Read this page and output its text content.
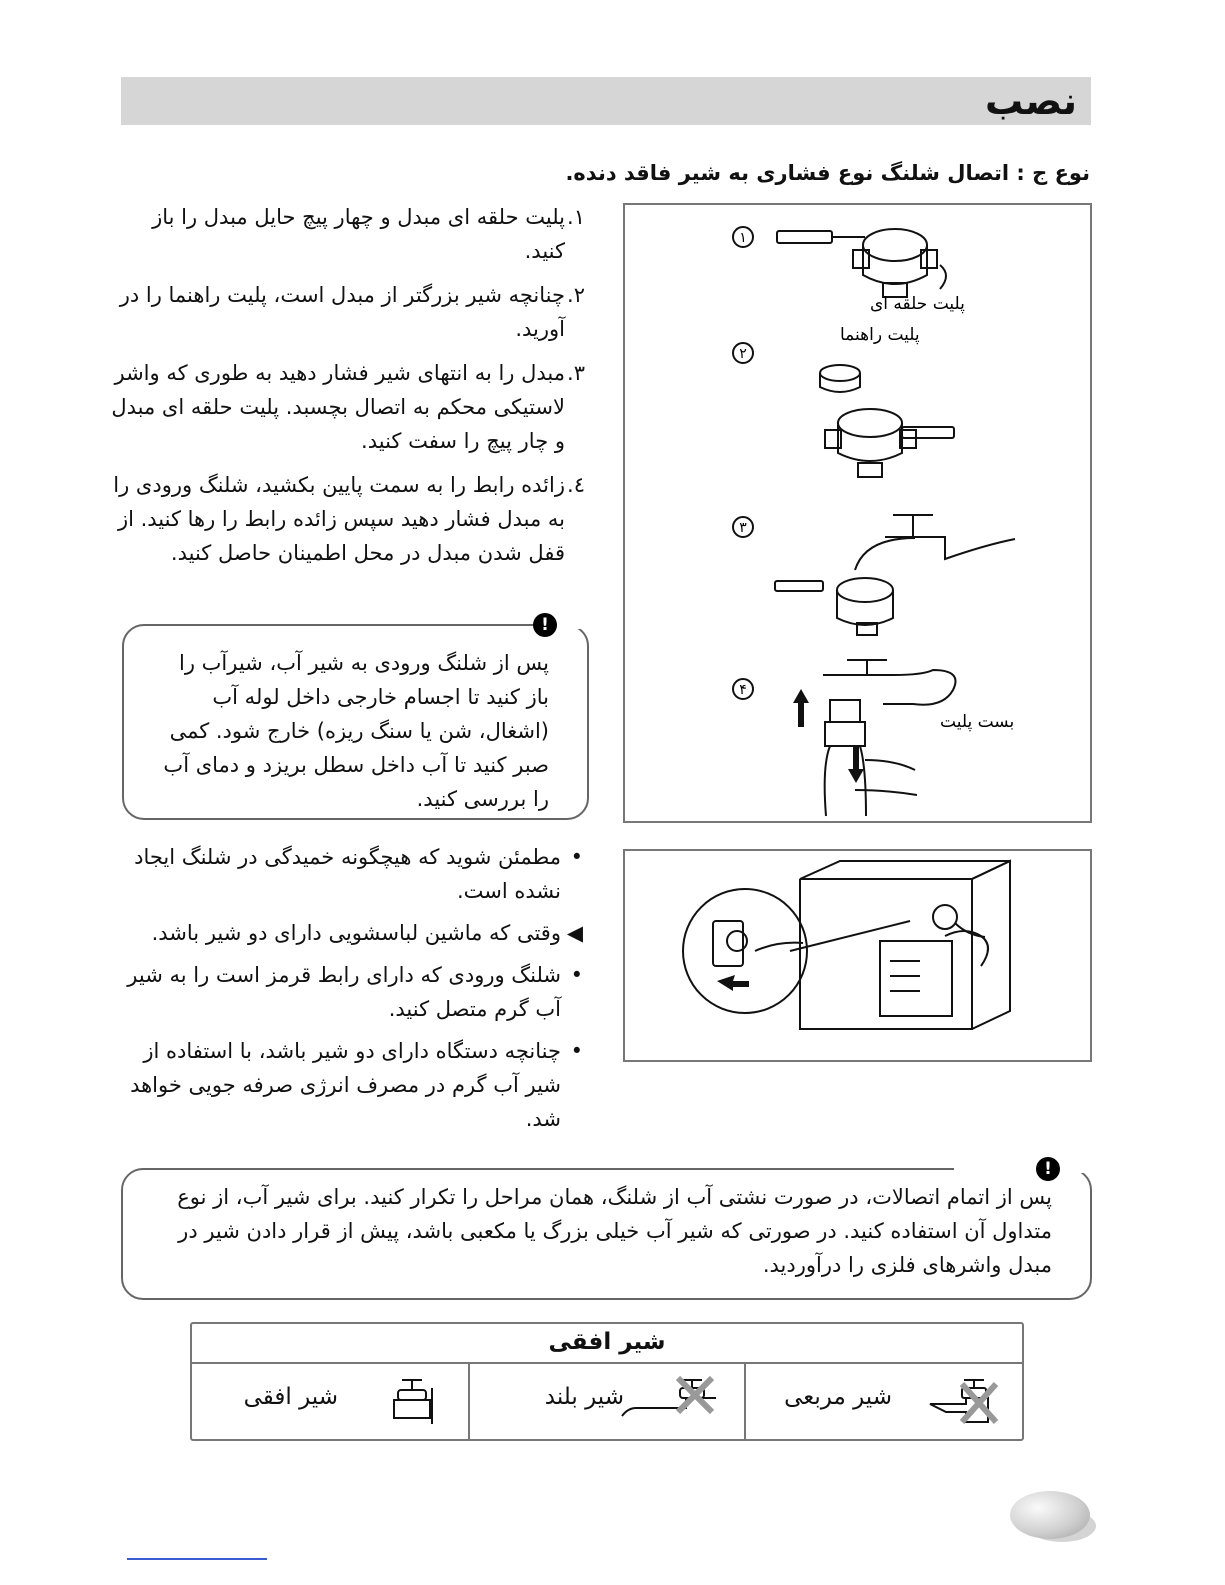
نصب
نوع ج : اتصال شلنگ نوع فشاری به شیر فاقد دنده.
۱.
پلیت حلقه ای مبدل و چهار پیچ حایل مبدل را باز کنید.
۲.
چنانچه شیر بزرگتر از مبدل است، پلیت راهنما را در آورید.
۳.
مبدل را به انتهای شیر فشار دهید به طوری که واشر لاستیکی محکم به اتصال بچسبد. پلیت حلقه ای مبدل و چار پیچ را سفت کنید.
٤.
زائده رابط را به سمت پایین بکشید، شلنگ ورودی را به مبدل فشار دهید سپس زائده رابط را رها کنید. از قفل شدن مبدل در محل اطمینان حاصل کنید.
!
پس از شلنگ ورودی به شیر آب، شیرآب را باز کنید تا اجسام خارجی داخل لوله آب (اشغال، شن یا سنگ ریزه) خارج شود. کمی صبر کنید تا آب داخل سطل بریزد و دمای آب را بررسی کنید.
•
مطمئن شوید که هیچگونه خمیدگی در شلنگ ایجاد نشده است.
◀
وقتی که ماشین لباسشویی دارای دو شیر باشد.
•
شلنگ ورودی که دارای رابط قرمز است را به شیر آب گرم متصل کنید.
•
چنانچه دستگاه دارای دو شیر باشد، با استفاده از شیر آب گرم در مصرف انرژی صرفه جویی خواهد شد.
۱
۲
۳
۴
پلیت حلقه ای
پلیت راهنما
بست پلیت
!
پس از اتمام اتصالات، در صورت نشتی آب از شلنگ، همان مراحل را تکرار کنید. برای شیر آب، از نوع متداول آن استفاده کنید. در صورتی که شیر آب خیلی بزرگ یا مکعبی باشد، پیش از قرار دادن شیر در مبدل واشرهای فلزی را درآوردید.
شیر افقی
شیر افقی	شیر بلند	شیر مربعی
